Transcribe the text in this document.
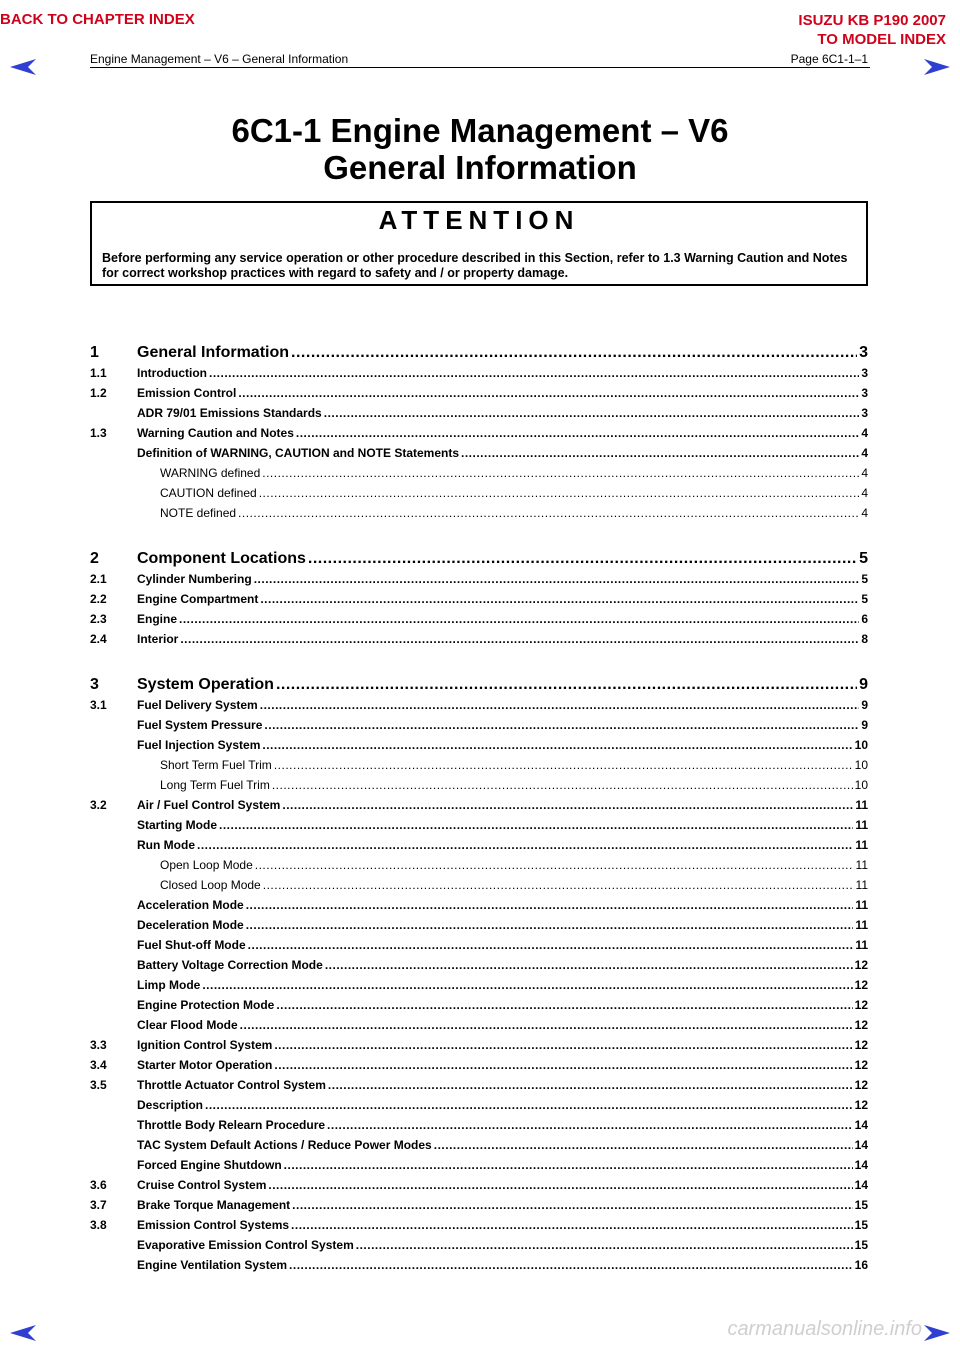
BACK TO CHAPTER INDEX	ISUZU KB P190 2007
TO MODEL INDEX
Engine Management – V6 – General Information	Page 6C1-1–1
6C1-1 Engine Management – V6
General Information
ATTENTION
Before performing any service operation or other procedure described in this Section, refer to 1.3 Warning Caution and Notes for correct workshop practices with regard to safety and / or property damage.
1	General Information .....	3
1.1	Introduction .....	3
1.2	Emission Control .....	3
ADR 79/01 Emissions Standards .....	3
1.3	Warning Caution and Notes .....	4
Definition of WARNING, CAUTION and NOTE Statements .....	4
WARNING defined .....	4
CAUTION defined .....	4
NOTE defined .....	4
2	Component Locations .....	5
2.1	Cylinder Numbering .....	5
2.2	Engine Compartment .....	5
2.3	Engine .....	6
2.4	Interior .....	8
3	System Operation .....	9
3.1	Fuel Delivery System .....	9
Fuel System Pressure .....	9
Fuel Injection System .....	10
Short Term Fuel Trim .....	10
Long Term Fuel Trim .....	10
3.2	Air / Fuel Control System .....	11
Starting Mode .....	11
Run Mode .....	11
Open Loop Mode .....	11
Closed Loop Mode .....	11
Acceleration Mode .....	11
Deceleration Mode .....	11
Fuel Shut-off Mode .....	11
Battery Voltage Correction Mode .....	12
Limp Mode .....	12
Engine Protection Mode .....	12
Clear Flood Mode .....	12
3.3	Ignition Control System .....	12
3.4	Starter Motor Operation .....	12
3.5	Throttle Actuator Control System .....	12
Description .....	12
Throttle Body Relearn Procedure .....	14
TAC System Default Actions / Reduce Power Modes .....	14
Forced Engine Shutdown .....	14
3.6	Cruise Control System .....	14
3.7	Brake Torque Management .....	15
3.8	Emission Control Systems .....	15
Evaporative Emission Control System .....	15
Engine Ventilation System .....	16
carmanualsonline.info
